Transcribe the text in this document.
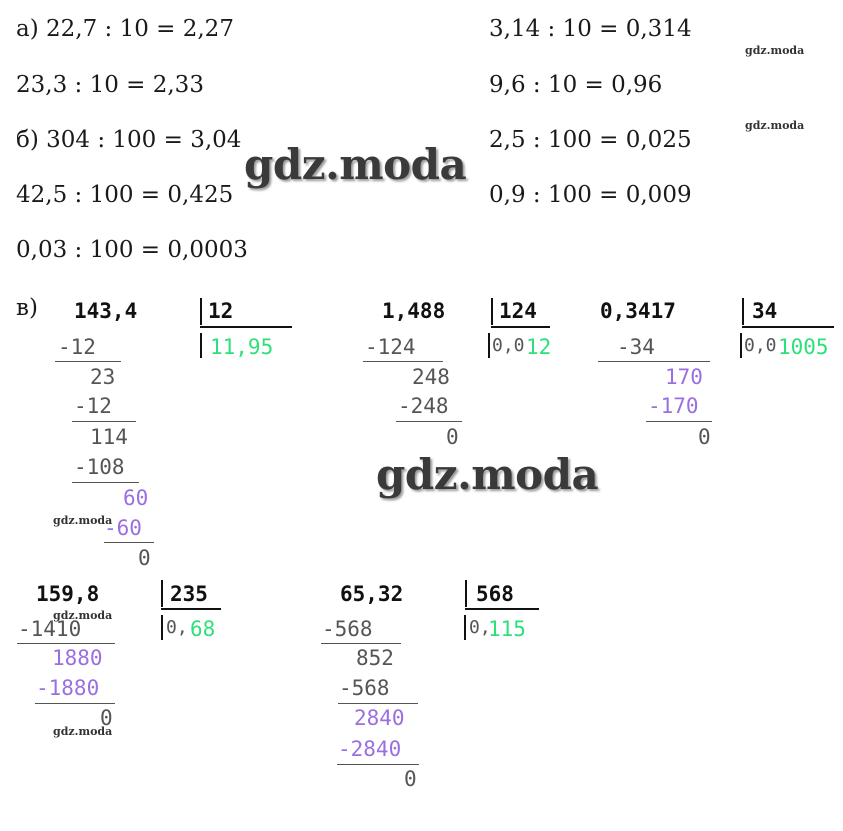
а) 22,7 : 10 = 2,27
23,3 : 10 = 2,33
б) 304 : 100 = 3,04
42,5 : 100 = 0,425
0,03 : 100 = 0,0003
3,14 : 10 = 0,314
9,6 : 10 = 0,96
2,5 : 100 = 0,025
0,9 : 100 = 0,009
в) 143,4	12
11,95
-12
23
-12
114
-108
60
-60
0
1,488	124
0,0 12
-124
248
-248
0
0,3417	34
0,0 1005
-34
170
-170
0
159,8	235
0, 68
-1410
1880
-1880
0
65,32	568
0,
115
-568
852
-568
2840
-2840
0
gdz.moda
gdz.moda
gdz.moda
gdz.moda
gdz.moda
gdz.moda
gdz.moda
